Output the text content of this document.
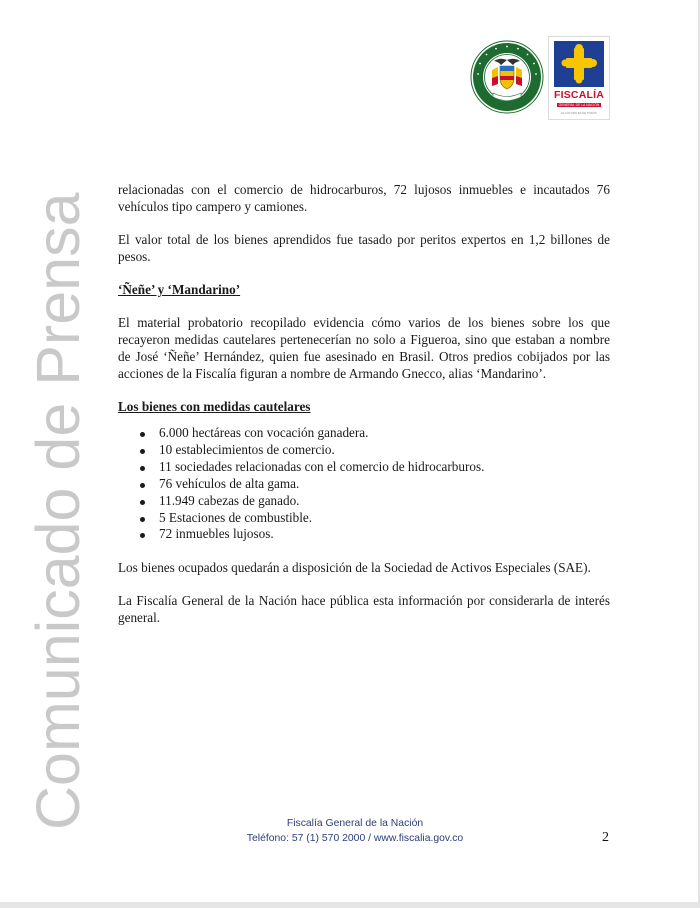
Comunicado de Prensa
FISCALÍA
GENERAL DE LA NACIÓN
EL FUTURO ES DE TODOS

relacionadas con el comercio de hidrocarburos, 72 lujosos inmuebles e incautados 76 vehículos tipo campero y camiones.

El valor total de los bienes aprendidos fue tasado por peritos expertos en 1,2 billones de pesos.

‘Ñeñe’ y ‘Mandarino’

El material probatorio recopilado evidencia cómo varios de los bienes sobre los que recayeron medidas cautelares pertenecerían no solo a Figueroa, sino que estaban a nombre de José ‘Ñeñe’ Hernández, quien fue asesinado en Brasil. Otros predios cobijados por las acciones de la Fiscalía figuran a nombre de Armando Gnecco, alias ‘Mandarino’.

Los bienes con medidas cautelares

6.000 hectáreas con vocación ganadera.
10 establecimientos de comercio.
11 sociedades relacionadas con el comercio de hidrocarburos.
76 vehículos de alta gama.
11.949 cabezas de ganado.
5 Estaciones de combustible.
72 inmuebles lujosos.

Los bienes ocupados quedarán a disposición de la Sociedad de Activos Especiales (SAE).

La Fiscalía General de la Nación hace pública esta información por considerarla de interés general.

Fiscalía General de la Nación
Teléfono: 57 (1) 570 2000 / www.fiscalia.gov.co	2
